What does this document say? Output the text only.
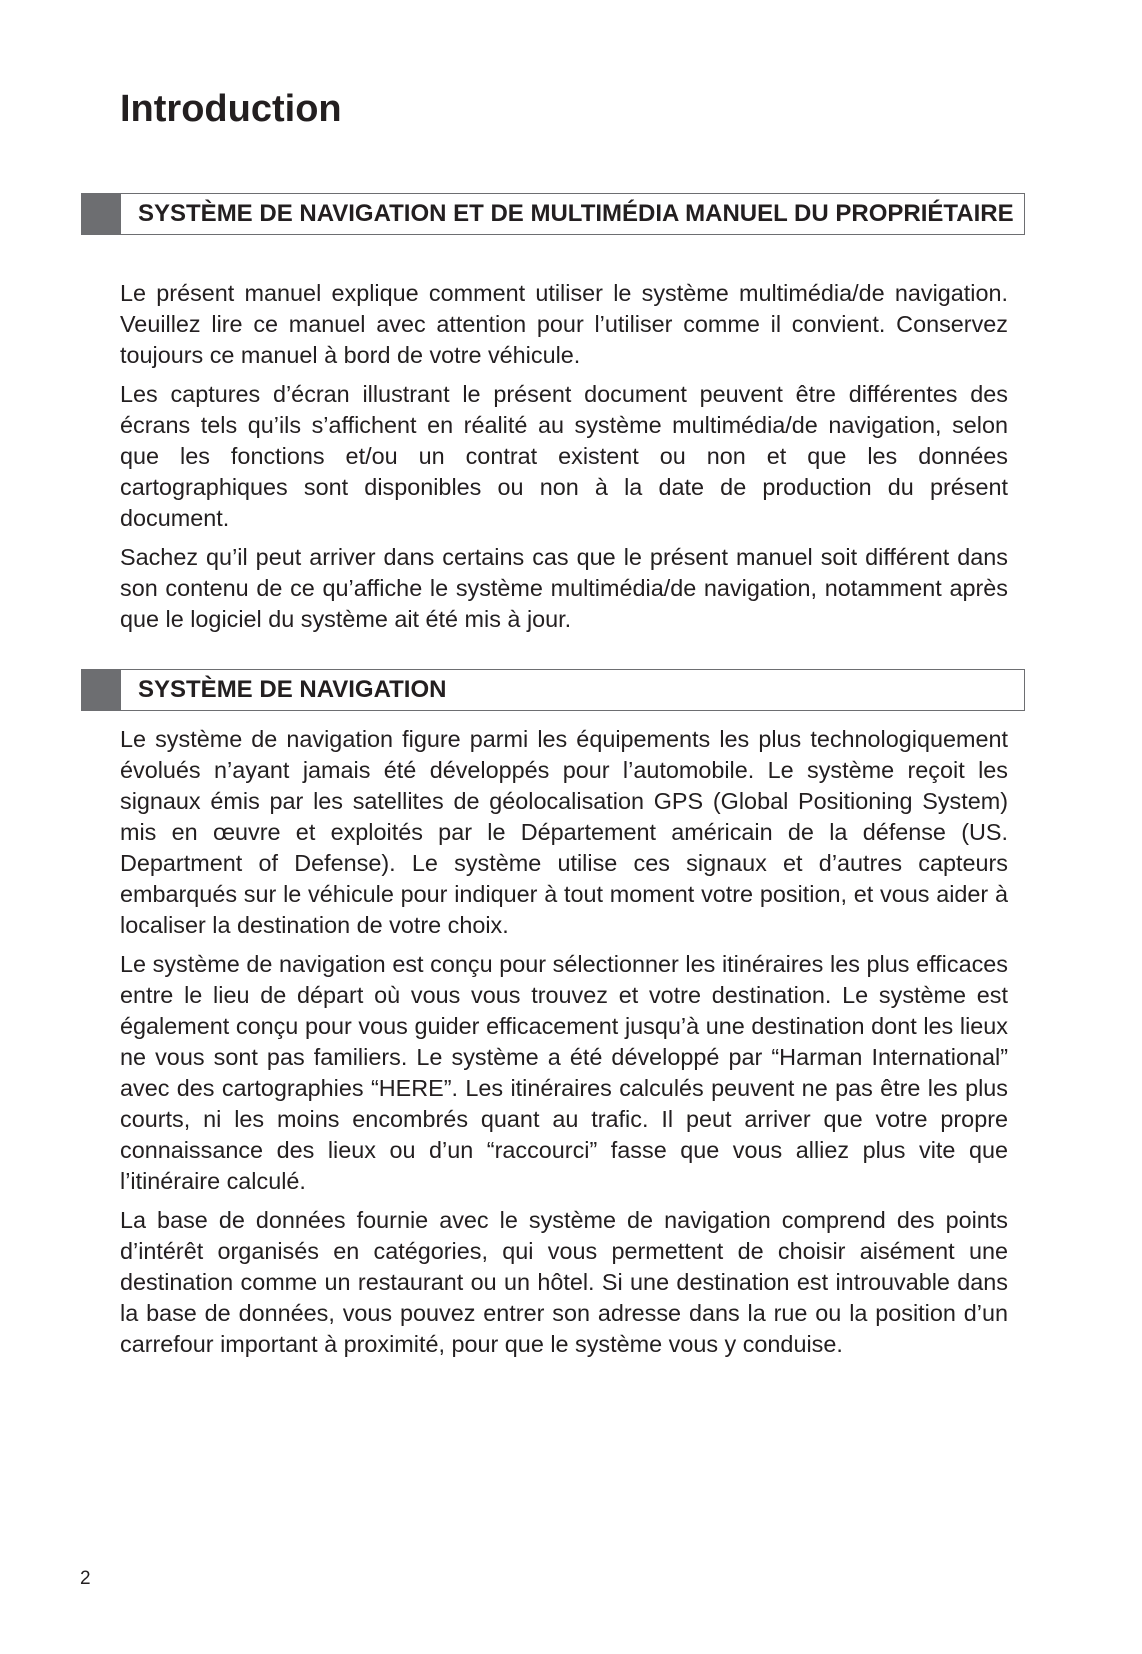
Introduction
SYSTÈME DE NAVIGATION ET DE MULTIMÉDIA MANUEL DU PROPRIÉTAIRE

Le présent manuel explique comment utiliser le système multimédia/de navigation. Veuillez lire ce manuel avec attention pour l’utiliser comme il convient. Conservez toujours ce manuel à bord de votre véhicule.

Les captures d’écran illustrant le présent document peuvent être différentes des écrans tels qu’ils s’affichent en réalité au système multimédia/de navigation, selon que les fonctions et/ou un contrat existent ou non et que les données cartographiques sont disponibles ou non à la date de production du présent document.

Sachez qu’il peut arriver dans certains cas que le présent manuel soit différent dans son contenu de ce qu’affiche le système multimédia/de navigation, notamment après que le logiciel du système ait été mis à jour.

SYSTÈME DE NAVIGATION

Le système de navigation figure parmi les équipements les plus technologiquement évolués n’ayant jamais été développés pour l’automobile. Le système reçoit les signaux émis par les satellites de géolocalisation GPS (Global Positioning System) mis en œuvre et exploités par le Département américain de la défense (US. Department of Defense). Le système utilise ces signaux et d’autres capteurs embarqués sur le véhicule pour indiquer à tout moment votre position, et vous aider à localiser la destination de votre choix.

Le système de navigation est conçu pour sélectionner les itinéraires les plus efficaces entre le lieu de départ où vous vous trouvez et votre destination. Le système est également conçu pour vous guider efficacement jusqu’à une destination dont les lieux ne vous sont pas familiers. Le système a été développé par “Harman International” avec des cartographies “HERE”. Les itinéraires calculés peuvent ne pas être les plus courts, ni les moins encombrés quant au trafic. Il peut arriver que votre propre connaissance des lieux ou d’un “raccourci” fasse que vous alliez plus vite que l’itinéraire calculé.

La base de données fournie avec le système de navigation comprend des points d’intérêt organisés en catégories, qui vous permettent de choisir aisément une destination comme un restaurant ou un hôtel. Si une destination est introuvable dans la base de données, vous pouvez entrer son adresse dans la rue ou la position d’un carrefour important à proximité, pour que le système vous y conduise.

2
